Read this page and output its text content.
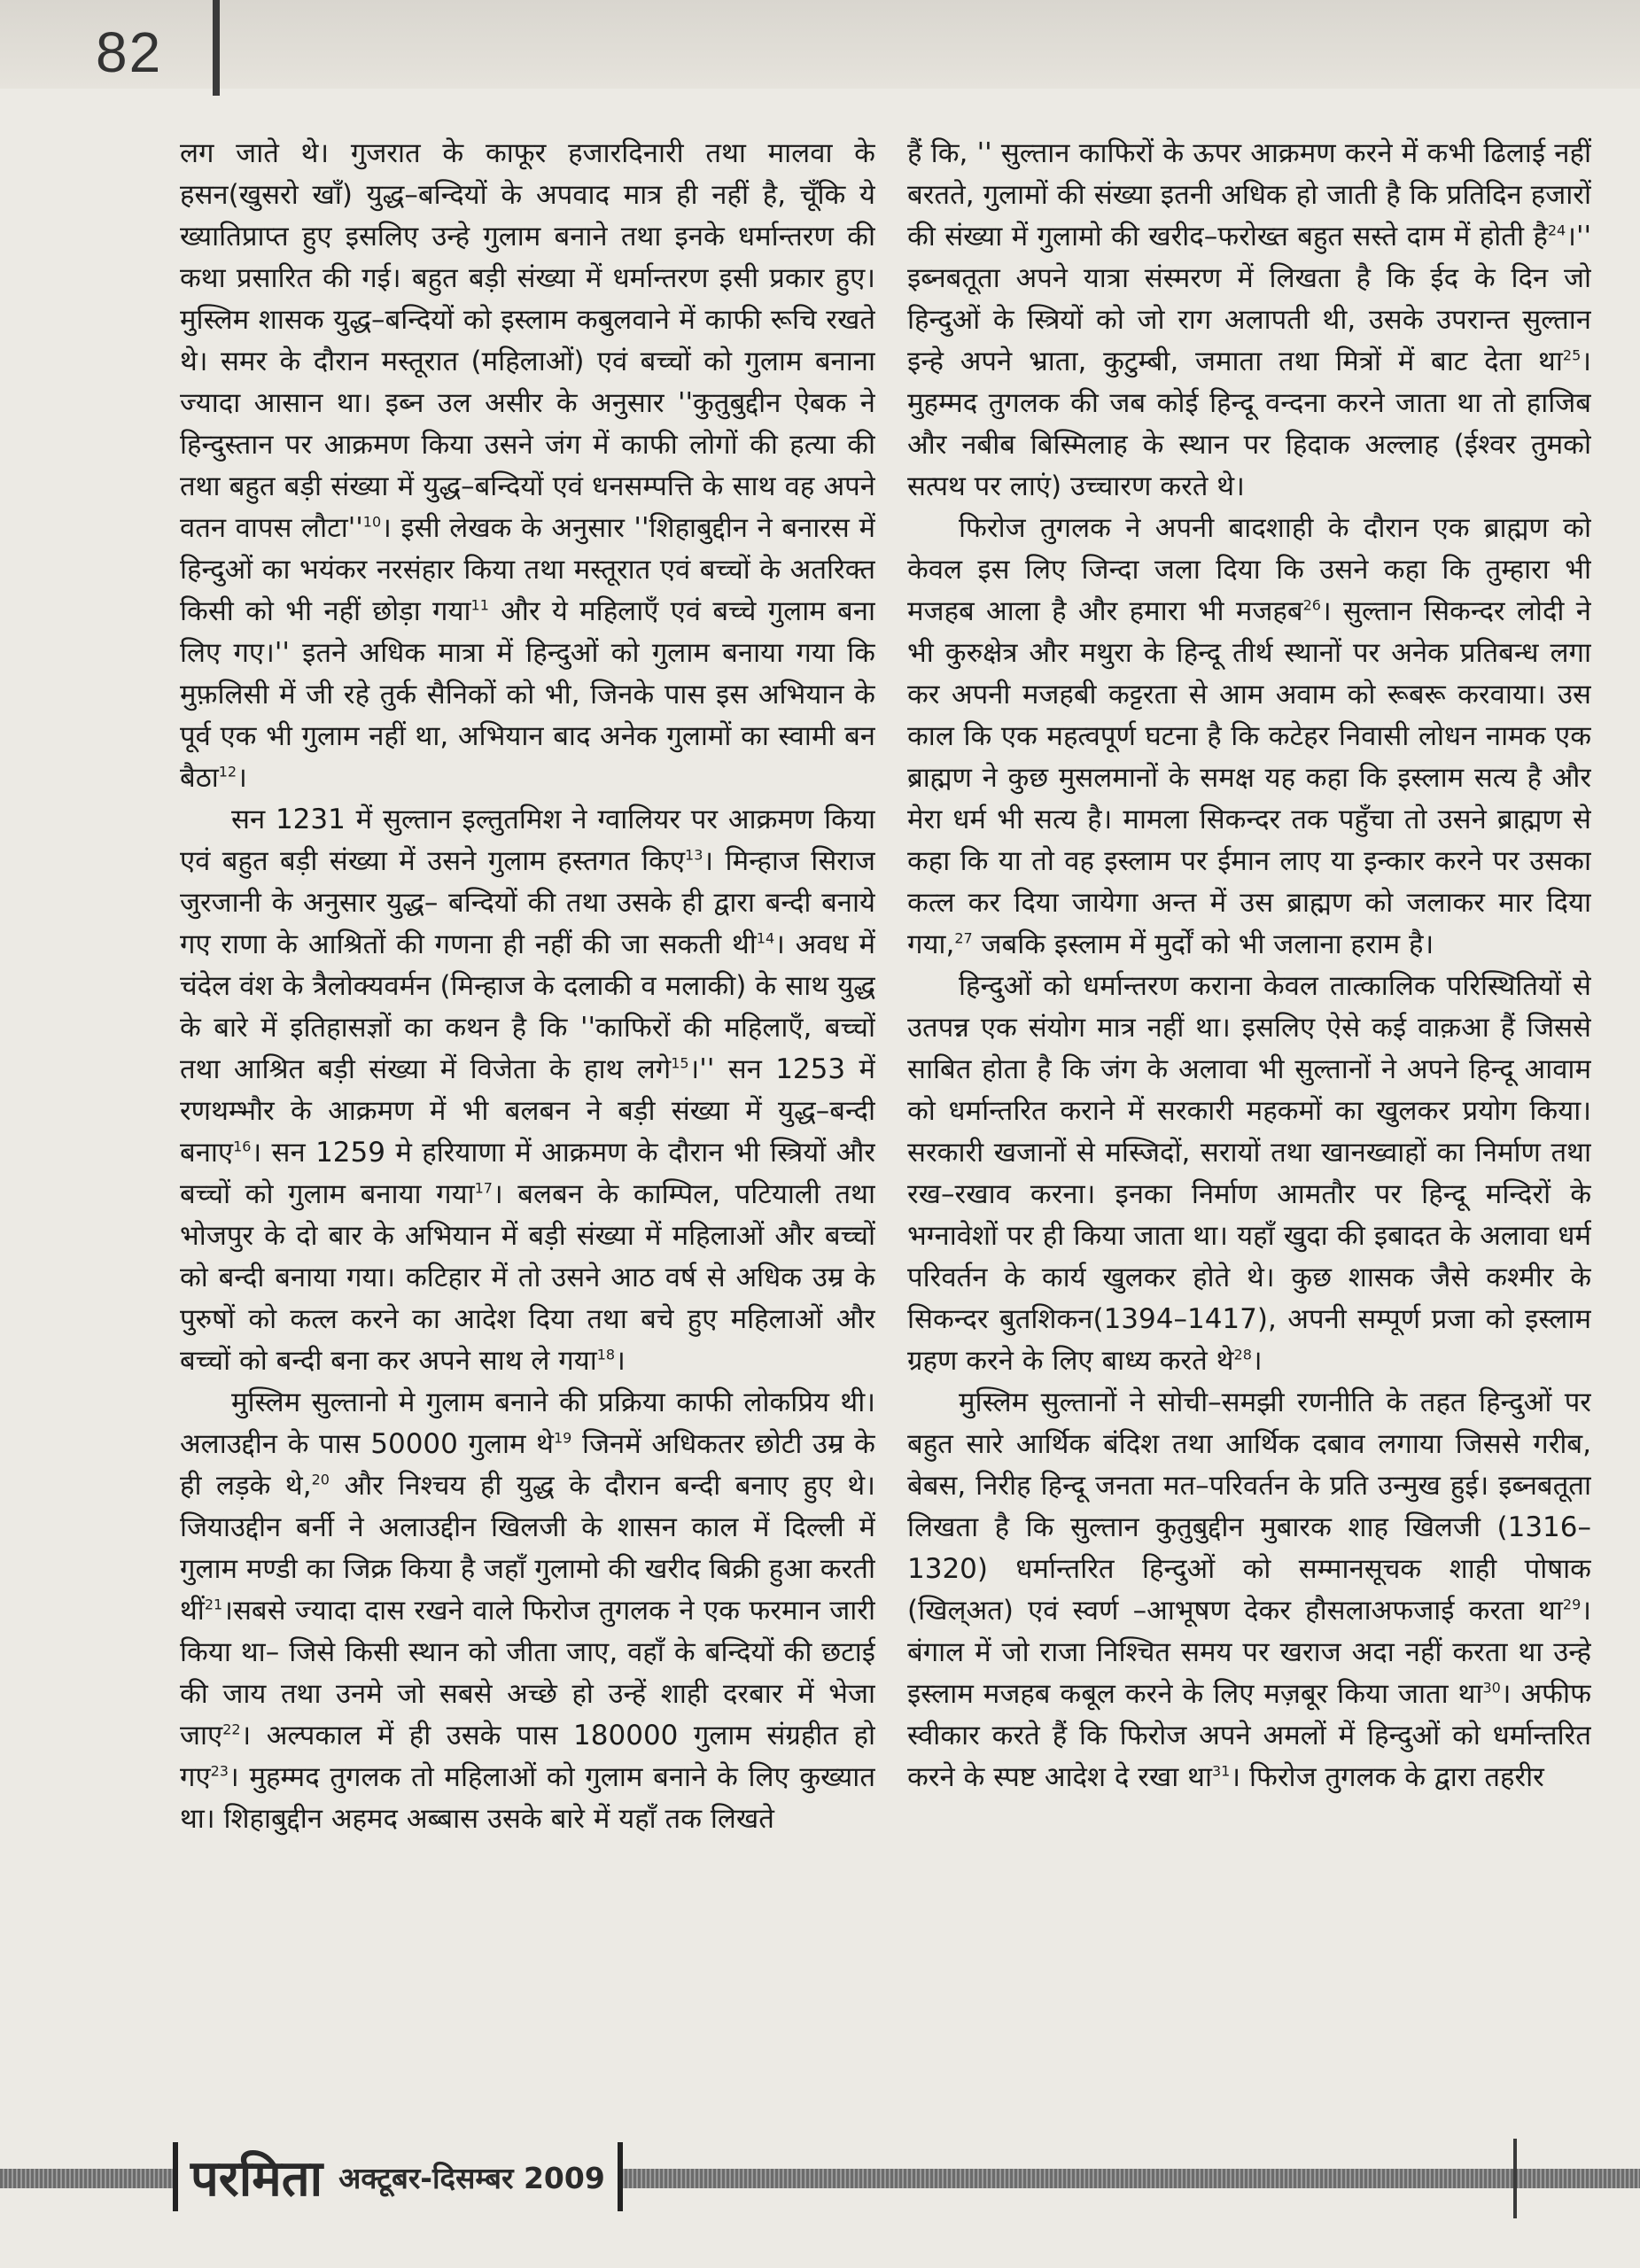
82

लग जाते थे। गुजरात के काफूर हजारदिनारी तथा मालवा के हसन(खुसरो खाँ) युद्ध–बन्दियों के अपवाद मात्र ही नहीं है, चूँकि ये ख्यातिप्राप्त हुए इसलिए उन्हे गुलाम बनाने तथा इनके धर्मान्तरण की कथा प्रसारित की गई। बहुत बड़ी संख्या में धर्मान्तरण इसी प्रकार हुए। मुस्लिम शासक युद्ध–बन्दियों को इस्लाम कबुलवाने में काफी रूचि रखते थे। समर के दौरान मस्तूरात (महिलाओं) एवं बच्चों को गुलाम बनाना ज्यादा आसान था। इब्न उल असीर के अनुसार ''कुतुबुद्दीन ऐबक ने हिन्दुस्तान पर आक्रमण किया उसने जंग में काफी लोगों की हत्या की तथा बहुत बड़ी संख्या में युद्ध–बन्दियों एवं धनसम्पत्ति के साथ वह अपने वतन वापस लौटा''$^{10}$। इसी लेखक के अनुसार ''शिहाबुद्दीन ने बनारस में हिन्दुओं का भयंकर नरसंहार किया तथा मस्तूरात एवं बच्चों के अतरिक्त किसी को भी नहीं छोड़ा गया$^{11}$ और ये महिलाएँ एवं बच्चे गुलाम बना लिए गए।'' इतने अधिक मात्रा में हिन्दुओं को गुलाम बनाया गया कि मुफ़लिसी में जी रहे तुर्क सैनिकों को भी, जिनके पास इस अभियान के पूर्व एक भी गुलाम नहीं था, अभियान बाद अनेक गुलामों का स्वामी बन बैठा$^{12}$।

सन 1231 में सुल्तान इल्तुतमिश ने ग्वालियर पर आक्रमण किया एवं बहुत बड़ी संख्या में उसने गुलाम हस्तगत किए$^{13}$। मिन्हाज सिराज जुरजानी के अनुसार युद्ध– बन्दियों की तथा उसके ही द्वारा बन्दी बनाये गए राणा के आश्रितों की गणना ही नहीं की जा सकती थी$^{14}$। अवध में चंदेल वंश के त्रैलोक्यवर्मन (मिन्हाज के दलाकी व मलाकी) के साथ युद्ध के बारे में इतिहासज्ञों का कथन है कि ''काफिरों की महिलाएँ, बच्चों तथा आश्रित बड़ी संख्या में विजेता के हाथ लगे$^{15}$।'' सन 1253 में रणथम्भौर के आक्रमण में भी बलबन ने बड़ी संख्या में युद्ध–बन्दी बनाए$^{16}$। सन 1259 मे हरियाणा में आक्रमण के दौरान भी स्त्रियों और बच्चों को गुलाम बनाया गया$^{17}$। बलबन के काम्पिल, पटियाली तथा भोजपुर के दो बार के अभियान में बड़ी संख्या में महिलाओं और बच्चों को बन्दी बनाया गया। कटिहार में तो उसने आठ वर्ष से अधिक उम्र के पुरुषों को कत्ल करने का आदेश दिया तथा बचे हुए महिलाओं और बच्चों को बन्दी बना कर अपने साथ ले गया$^{18}$।

मुस्लिम सुल्तानो मे गुलाम बनाने की प्रक्रिया काफी लोकप्रिय थी। अलाउद्दीन के पास 50000 गुलाम थे$^{19}$ जिनमें अधिकतर छोटी उम्र के ही लड़के थे,$^{20}$ और निश्चय ही युद्ध के दौरान बन्दी बनाए हुए थे। जियाउद्दीन बर्नी ने अलाउद्दीन खिलजी के शासन काल में दिल्ली में गुलाम मण्डी का जिक्र किया है जहाँ गुलामो की खरीद बिक्री हुआ करती थीं$^{21}$।सबसे ज्यादा दास रखने वाले फिरोज तुगलक ने एक फरमान जारी किया था– जिसे किसी स्थान को जीता जाए, वहाँ के बन्दियों की छटाई की जाय तथा उनमे जो सबसे अच्छे हो उन्हें शाही दरबार में भेजा जाए$^{22}$। अल्पकाल में ही उसके पास 180000 गुलाम संग्रहीत हो गए$^{23}$। मुहम्मद तुगलक तो महिलाओं को गुलाम बनाने के लिए कुख्यात था। शिहाबुद्दीन अहमद अब्बास उसके बारे में यहाँ तक लिखते

हैं कि, '' सुल्तान काफिरों के ऊपर आक्रमण करने में कभी ढिलाई नहीं बरतते, गुलामों की संख्या इतनी अधिक हो जाती है कि प्रतिदिन हजारों की संख्या में गुलामो की खरीद–फरोख्त बहुत सस्ते दाम में होती है$^{24}$।'' इब्नबतूता अपने यात्रा संस्मरण में लिखता है कि ईद के दिन जो हिन्दुओं के स्त्रियों को जो राग अलापती थी, उसके उपरान्त सुल्तान इन्हे अपने भ्राता, कुटुम्बी, जमाता तथा मित्रों में बाट देता था$^{25}$। मुहम्मद तुगलक की जब कोई हिन्दू वन्दना करने जाता था तो हाजिब और नबीब बिस्मिलाह के स्थान पर हिदाक अल्लाह (ईश्वर तुमको सत्पथ पर लाएं) उच्चारण करते थे।

फिरोज तुगलक ने अपनी बादशाही के दौरान एक ब्राह्मण को केवल इस लिए जिन्दा जला दिया कि उसने कहा कि तुम्हारा भी मजहब आला है और हमारा भी मजहब$^{26}$। सुल्तान सिकन्दर लोदी ने भी कुरुक्षेत्र और मथुरा के हिन्दू तीर्थ स्थानों पर अनेक प्रतिबन्ध लगा कर अपनी मजहबी कट्टरता से आम अवाम को रूबरू करवाया। उस काल कि एक महत्वपूर्ण घटना है कि कटेहर निवासी लोधन नामक एक ब्राह्मण ने कुछ मुसलमानों के समक्ष यह कहा कि इस्लाम सत्य है और मेरा धर्म भी सत्य है। मामला सिकन्दर तक पहुँचा तो उसने ब्राह्मण से कहा कि या तो वह इस्लाम पर ईमान लाए या इन्कार करने पर उसका कत्ल कर दिया जायेगा अन्त में उस ब्राह्मण को जलाकर मार दिया गया,$^{27}$ जबकि इस्लाम में मुर्दों को भी जलाना हराम है।

हिन्दुओं को धर्मान्तरण कराना केवल तात्कालिक परिस्थितियों से उतपन्न एक संयोग मात्र नहीं था। इसलिए ऐसे कई वाक़आ हैं जिससे साबित होता है कि जंग के अलावा भी सुल्तानों ने अपने हिन्दू आवाम को धर्मान्तरित कराने में सरकारी महकमों का खुलकर प्रयोग किया। सरकारी खजानों से मस्जिदों, सरायों तथा खानख्वाहों का निर्माण तथा रख–रखाव करना। इनका निर्माण आमतौर पर हिन्दू मन्दिरों के भग्नावेशों पर ही किया जाता था। यहाँ खुदा की इबादत के अलावा धर्म परिवर्तन के कार्य खुलकर होते थे। कुछ शासक जैसे कश्मीर के सिकन्दर बुतशिकन(1394–1417), अपनी सम्पूर्ण प्रजा को इस्लाम ग्रहण करने के लिए बाध्य करते थे$^{28}$।

मुस्लिम सुल्तानों ने सोची–समझी रणनीति के तहत हिन्दुओं पर बहुत सारे आर्थिक बंदिश तथा आर्थिक दबाव लगाया जिससे गरीब, बेबस, निरीह हिन्दू जनता मत–परिवर्तन के प्रति उन्मुख हुई। इब्नबतूता लिखता है कि सुल्तान कुतुबुद्दीन मुबारक शाह खिलजी (1316–1320) धर्मान्तरित हिन्दुओं को सम्मानसूचक शाही पोषाक (खिल्अत) एवं स्वर्ण –आभूषण देकर हौसलाअफजाई करता था$^{29}$। बंगाल में जो राजा निश्चित समय पर खराज अदा नहीं करता था उन्हे इस्लाम मजहब कबूल करने के लिए मज़बूर किया जाता था$^{30}$। अफीफ स्वीकार करते हैं कि फिरोज अपने अमलों में हिन्दुओं को धर्मान्तरित करने के स्पष्ट आदेश दे रखा था$^{31}$। फिरोज तुगलक के द्वारा तहरीर

परमिता अक्टूबर-दिसम्बर 2009
